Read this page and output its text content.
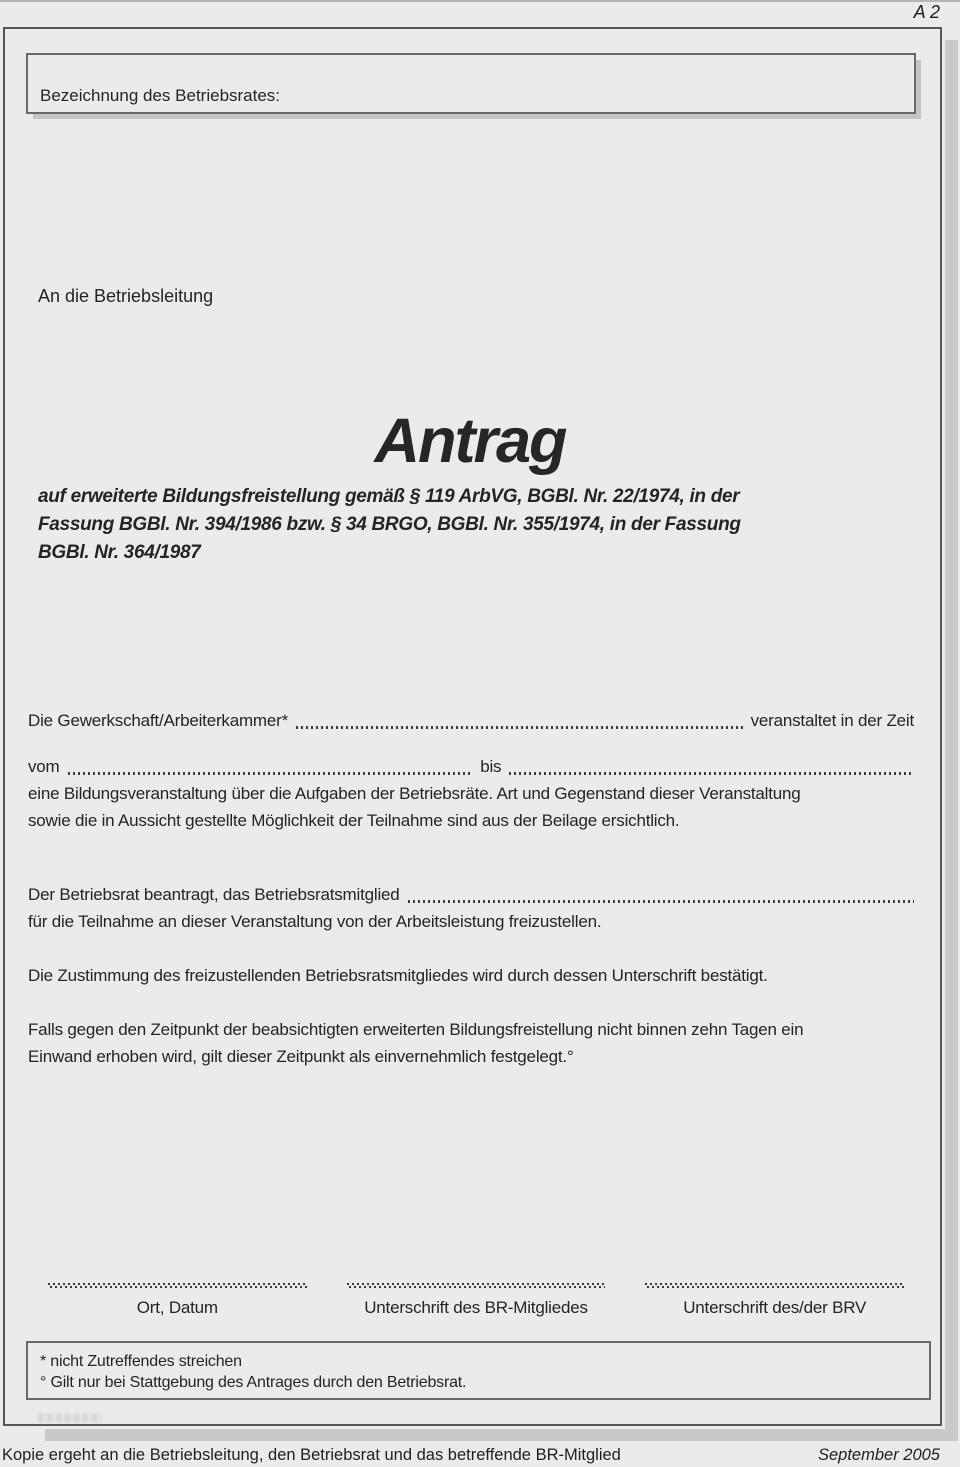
A 2
Bezeichnung des Betriebsrates:
An die Betriebsleitung
Antrag
auf erweiterte Bildungsfreistellung gemäß § 119 ArbVG, BGBl. Nr. 22/1974, in der
Fassung BGBl. Nr. 394/1986 bzw. § 34 BRGO, BGBl. Nr. 355/1974, in der Fassung
BGBl. Nr. 364/1987
Die Gewerkschaft/Arbeiterkammer*	veranstaltet in der Zeit
vom	bis
eine Bildungsveranstaltung über die Aufgaben der Betriebsräte. Art und Gegenstand dieser Veranstaltung
sowie die in Aussicht gestellte Möglichkeit der Teilnahme sind aus der Beilage ersichtlich.
Der Betriebsrat beantragt, das Betriebsratsmitglied
für die Teilnahme an dieser Veranstaltung von der Arbeitsleistung freizustellen.
Die Zustimmung des freizustellenden Betriebsratsmitgliedes wird durch dessen Unterschrift bestätigt.
Falls gegen den Zeitpunkt der beabsichtigten erweiterten Bildungsfreistellung nicht binnen zehn Tagen ein
Einwand erhoben wird, gilt dieser Zeitpunkt als einvernehmlich festgelegt.°
Ort, Datum	Unterschrift des BR-Mitgliedes	Unterschrift des/der BRV
* nicht Zutreffendes streichen
° Gilt nur bei Stattgebung des Antrages durch den Betriebsrat.
Kopie ergeht an die Betriebsleitung, den Betriebsrat und das betreffende BR-Mitglied	September 2005
